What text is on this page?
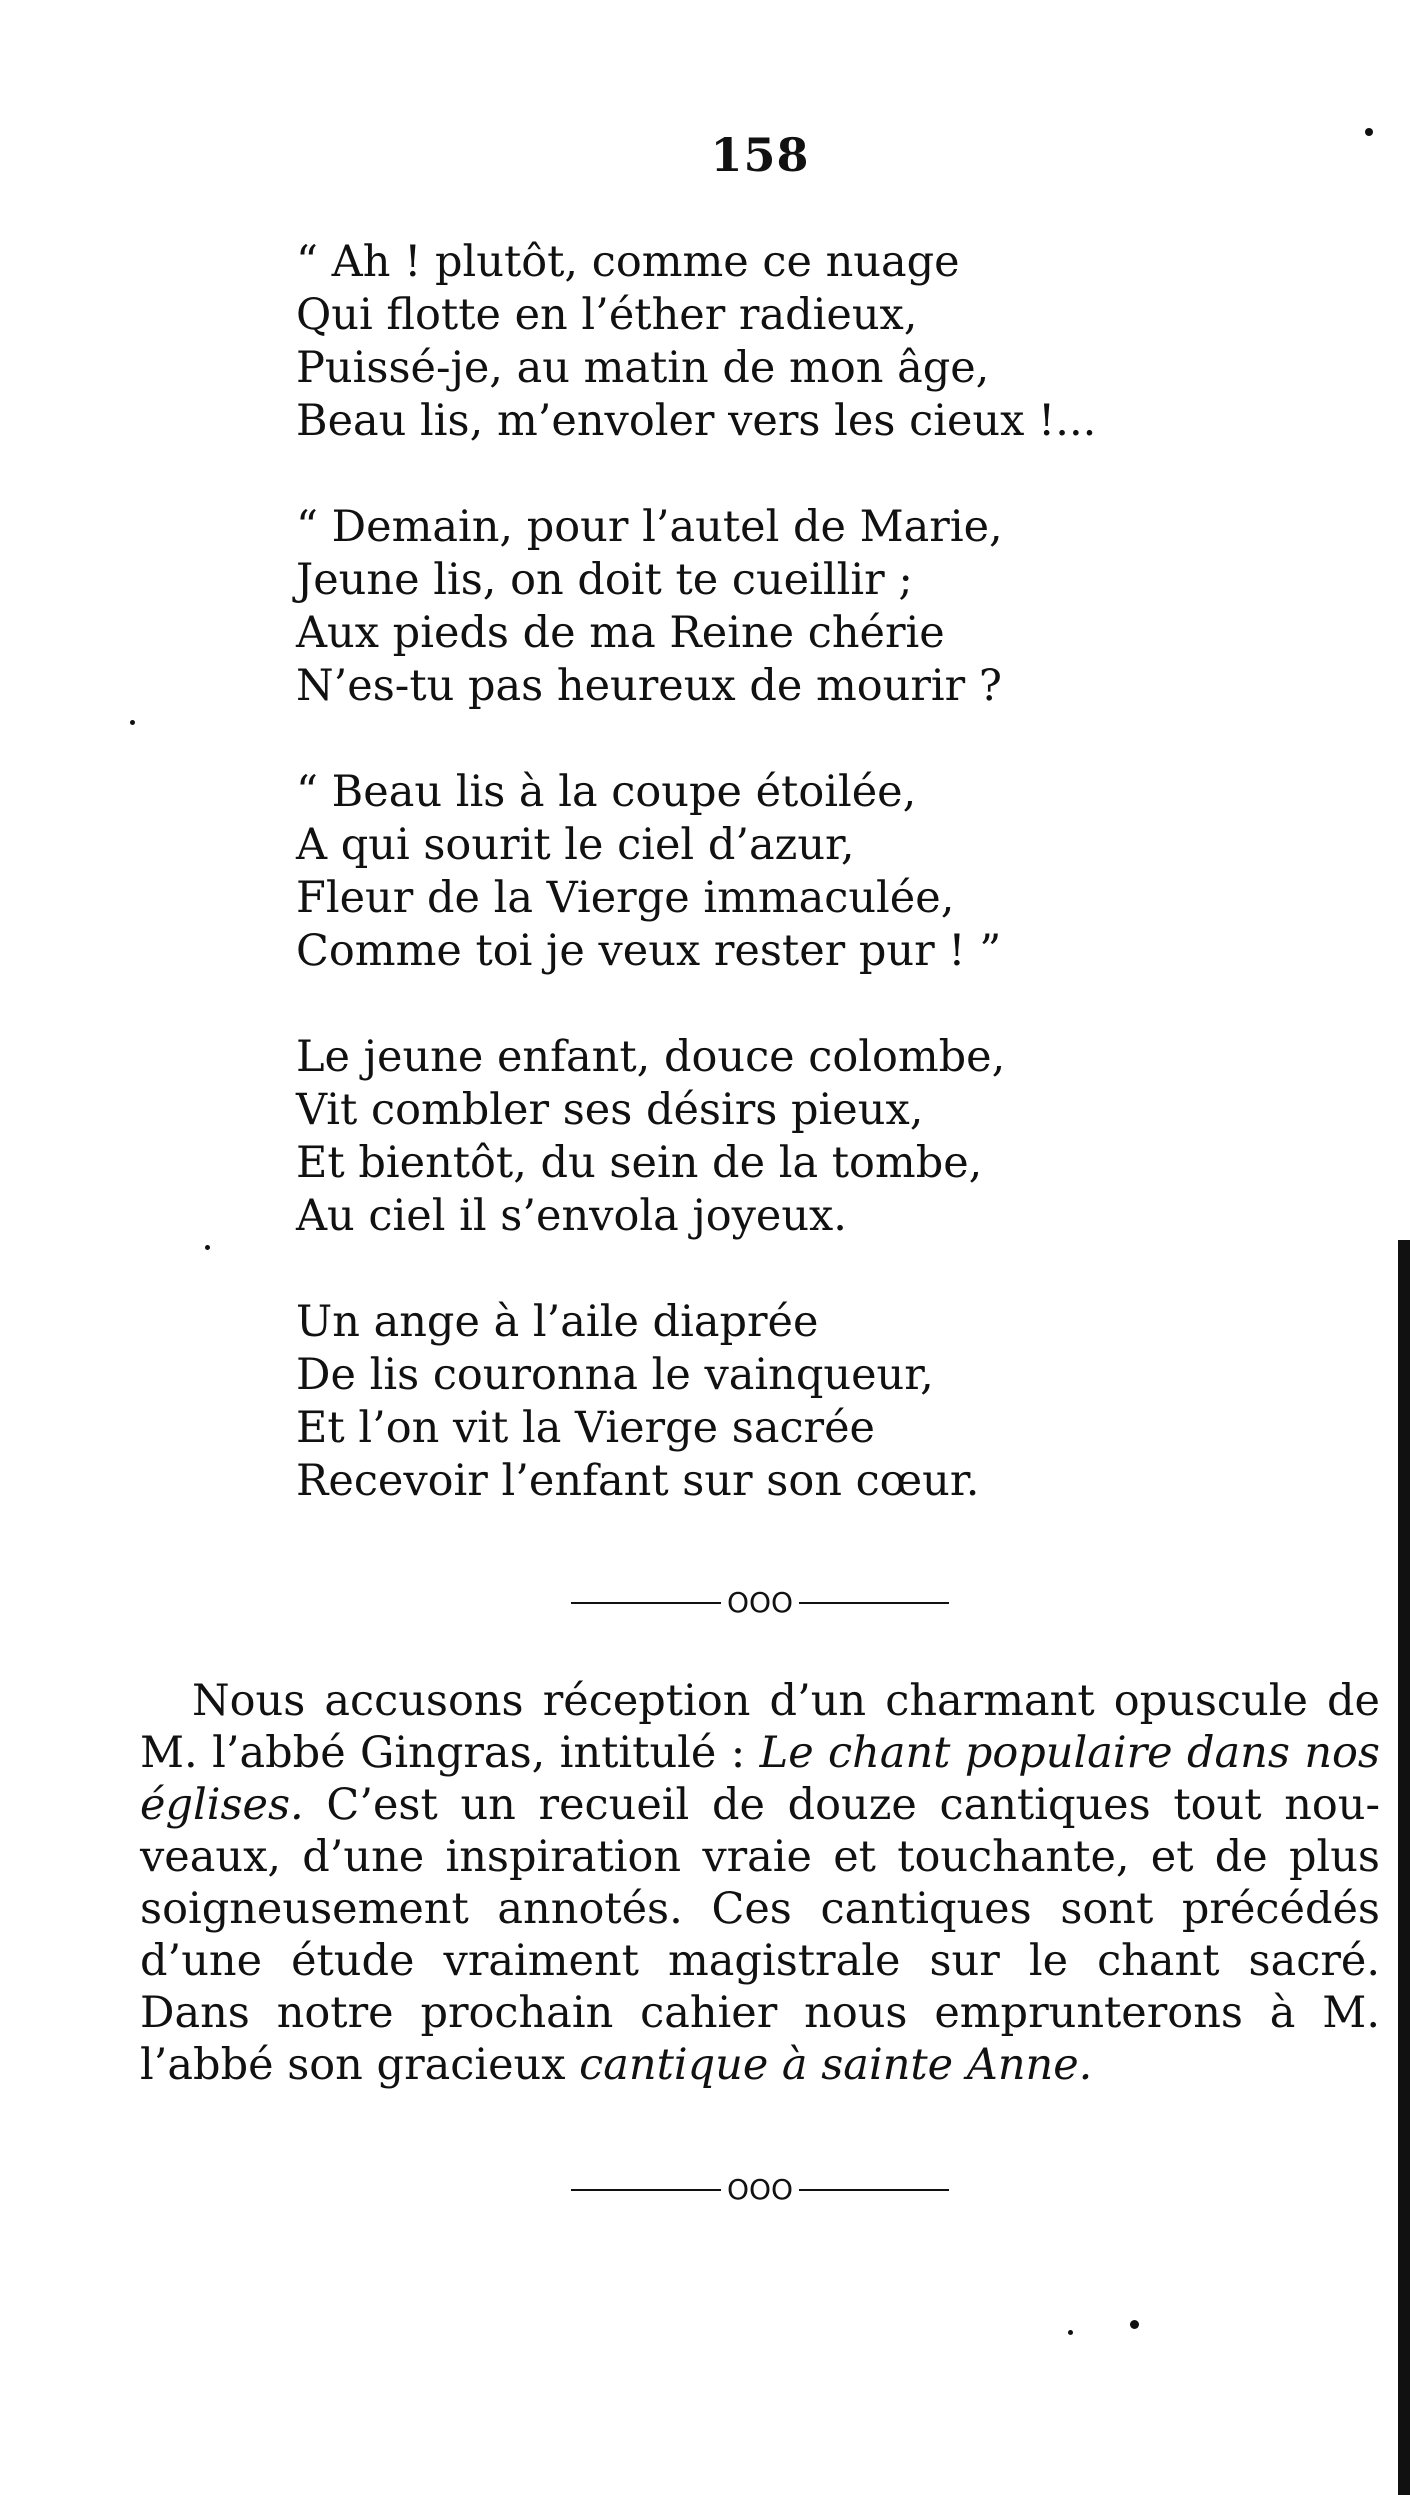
158
“ Ah ! plutôt, comme ce nuage
Qui flotte en l’éther radieux,
Puissé-je, au matin de mon âge,
Beau lis, m’envoler vers les cieux !...
“ Demain, pour l’autel de Marie,
Jeune lis, on doit te cueillir ;
Aux pieds de ma Reine chérie
N’es-tu pas heureux de mourir ?
“ Beau lis à la coupe étoilée,
A qui sourit le ciel d’azur,
Fleur de la Vierge immaculée,
Comme toi je veux rester pur ! ”
Le jeune enfant, douce colombe,
Vit combler ses désirs pieux,
Et bientôt, du sein de la tombe,
Au ciel il s’envola joyeux.
Un ange à l’aile diaprée
De lis couronna le vainqueur,
Et l’on vit la Vierge sacrée
Recevoir l’enfant sur son cœur.
OOO
Nous accusons réception d’un charmant opuscule de
M. l’abbé Gingras, intitulé : Le chant populaire dans nos
églises. C’est un recueil de douze cantiques tout nou-
veaux, d’une inspiration vraie et touchante, et de plus
soigneusement annotés. Ces cantiques sont précédés
d’une étude vraiment magistrale sur le chant sacré.
Dans notre prochain cahier nous emprunterons à M.
l’abbé son gracieux cantique à sainte Anne.
OOO
